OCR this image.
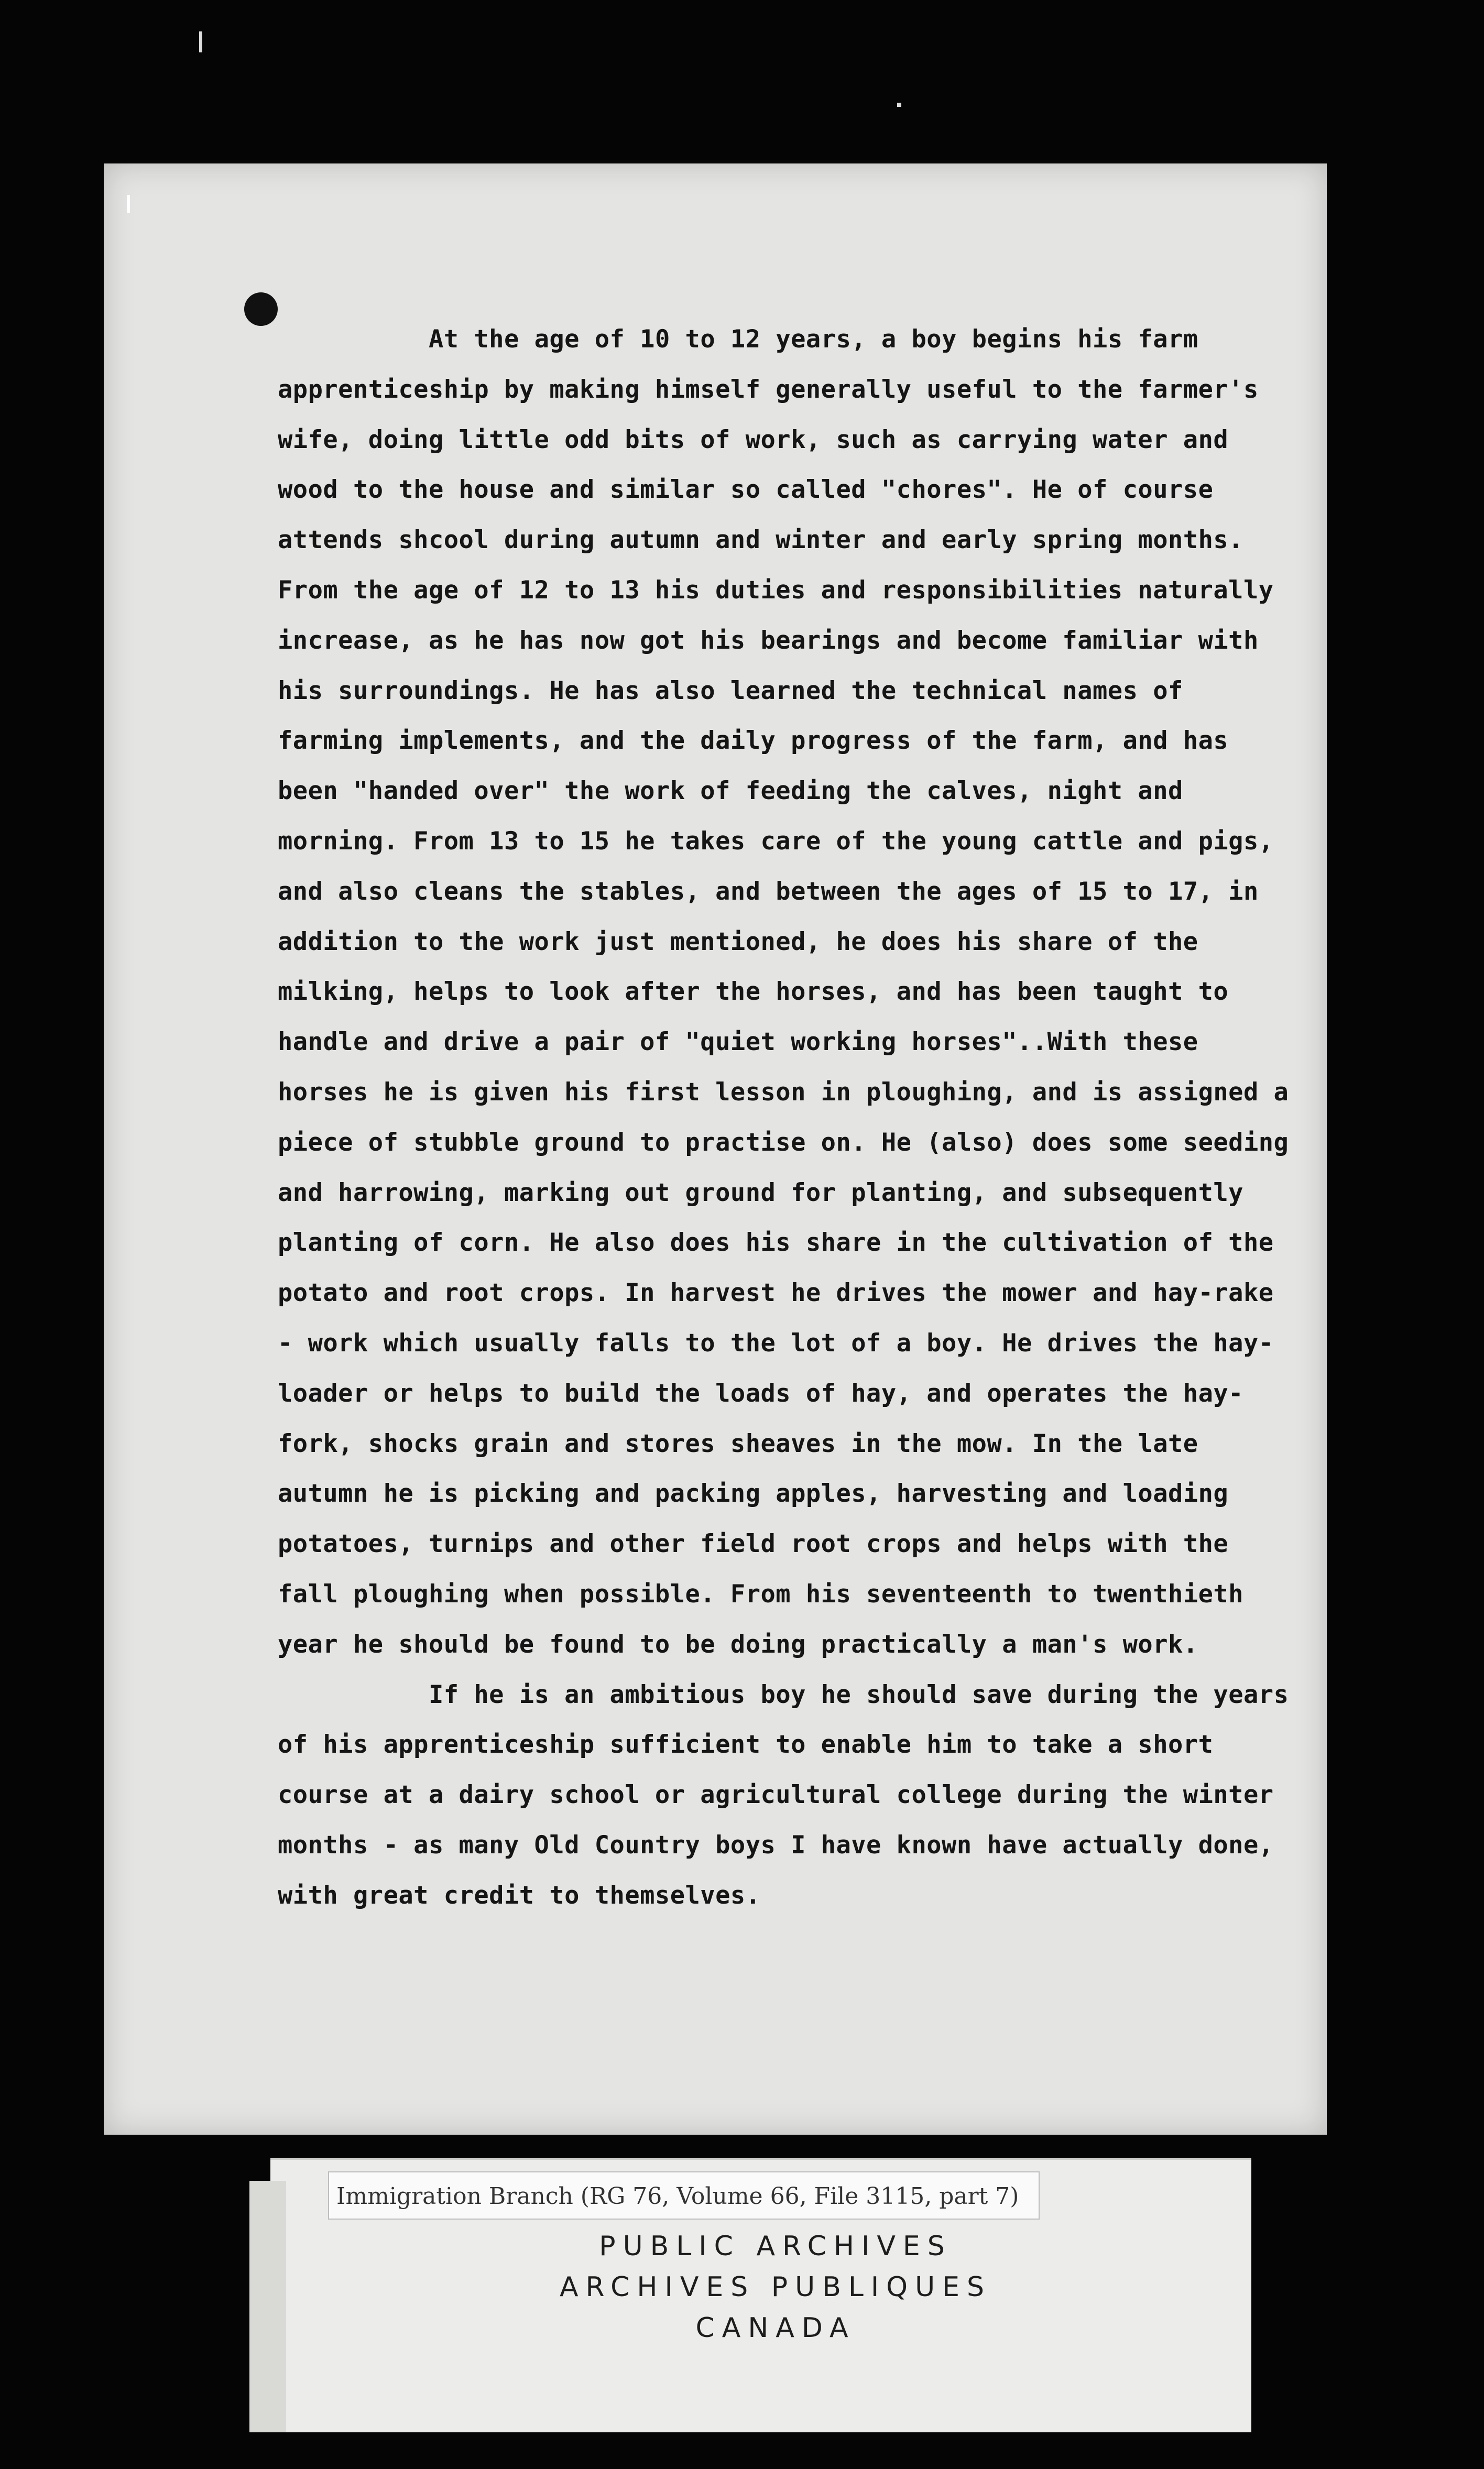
At the age of 10 to 12 years, a boy begins his farm apprenticeship by making himself generally useful to the farmer's wife, doing little odd bits of work, such as carrying water and wood to the house and similar so called "chores". He of course attends shcool during autumn and winter and early spring months. From the age of 12 to 13 his duties and responsibilities naturally increase, as he has now got his bearings and become familiar with his surroundings. He has also learned the technical names of farming implements, and the daily progress of the farm, and has been "handed over" the work of feeding the calves, night and morning. From 13 to 15 he takes care of the young cattle and pigs, and also cleans the stables, and between the ages of 15 to 17, in addition to the work just mentioned, he does his share of the milking, helps to look after the horses, and has been taught to handle and drive a pair of "quiet working horses"..With these horses he is given his first lesson in ploughing, and is assigned a piece of stubble ground to practise on. He (also) does some seeding and harrowing, marking out ground for planting, and subsequently planting of corn. He also does his share in the cultivation of the potato and root crops. In harvest he drives the mower and hay-rake - work which usually falls to the lot of a boy. He drives the hay-loader or helps to build the loads of hay, and operates the hay-fork, shocks grain and stores sheaves in the mow. In the late autumn he is picking and packing apples, harvesting and loading potatoes, turnips and other field root crops and helps with the fall ploughing when possible. From his seventeenth to twenthieth year he should be found to be doing practically a man's work.

If he is an ambitious boy he should save during the years of his apprenticeship sufficient to enable him to take a short course at a dairy school or agricultural college during the winter months - as many Old Country boys I have known have actually done, with great credit to themselves.

Immigration Branch (RG 76, Volume 66, File 3115, part 7)
PUBLIC ARCHIVES
ARCHIVES PUBLIQUES
CANADA
